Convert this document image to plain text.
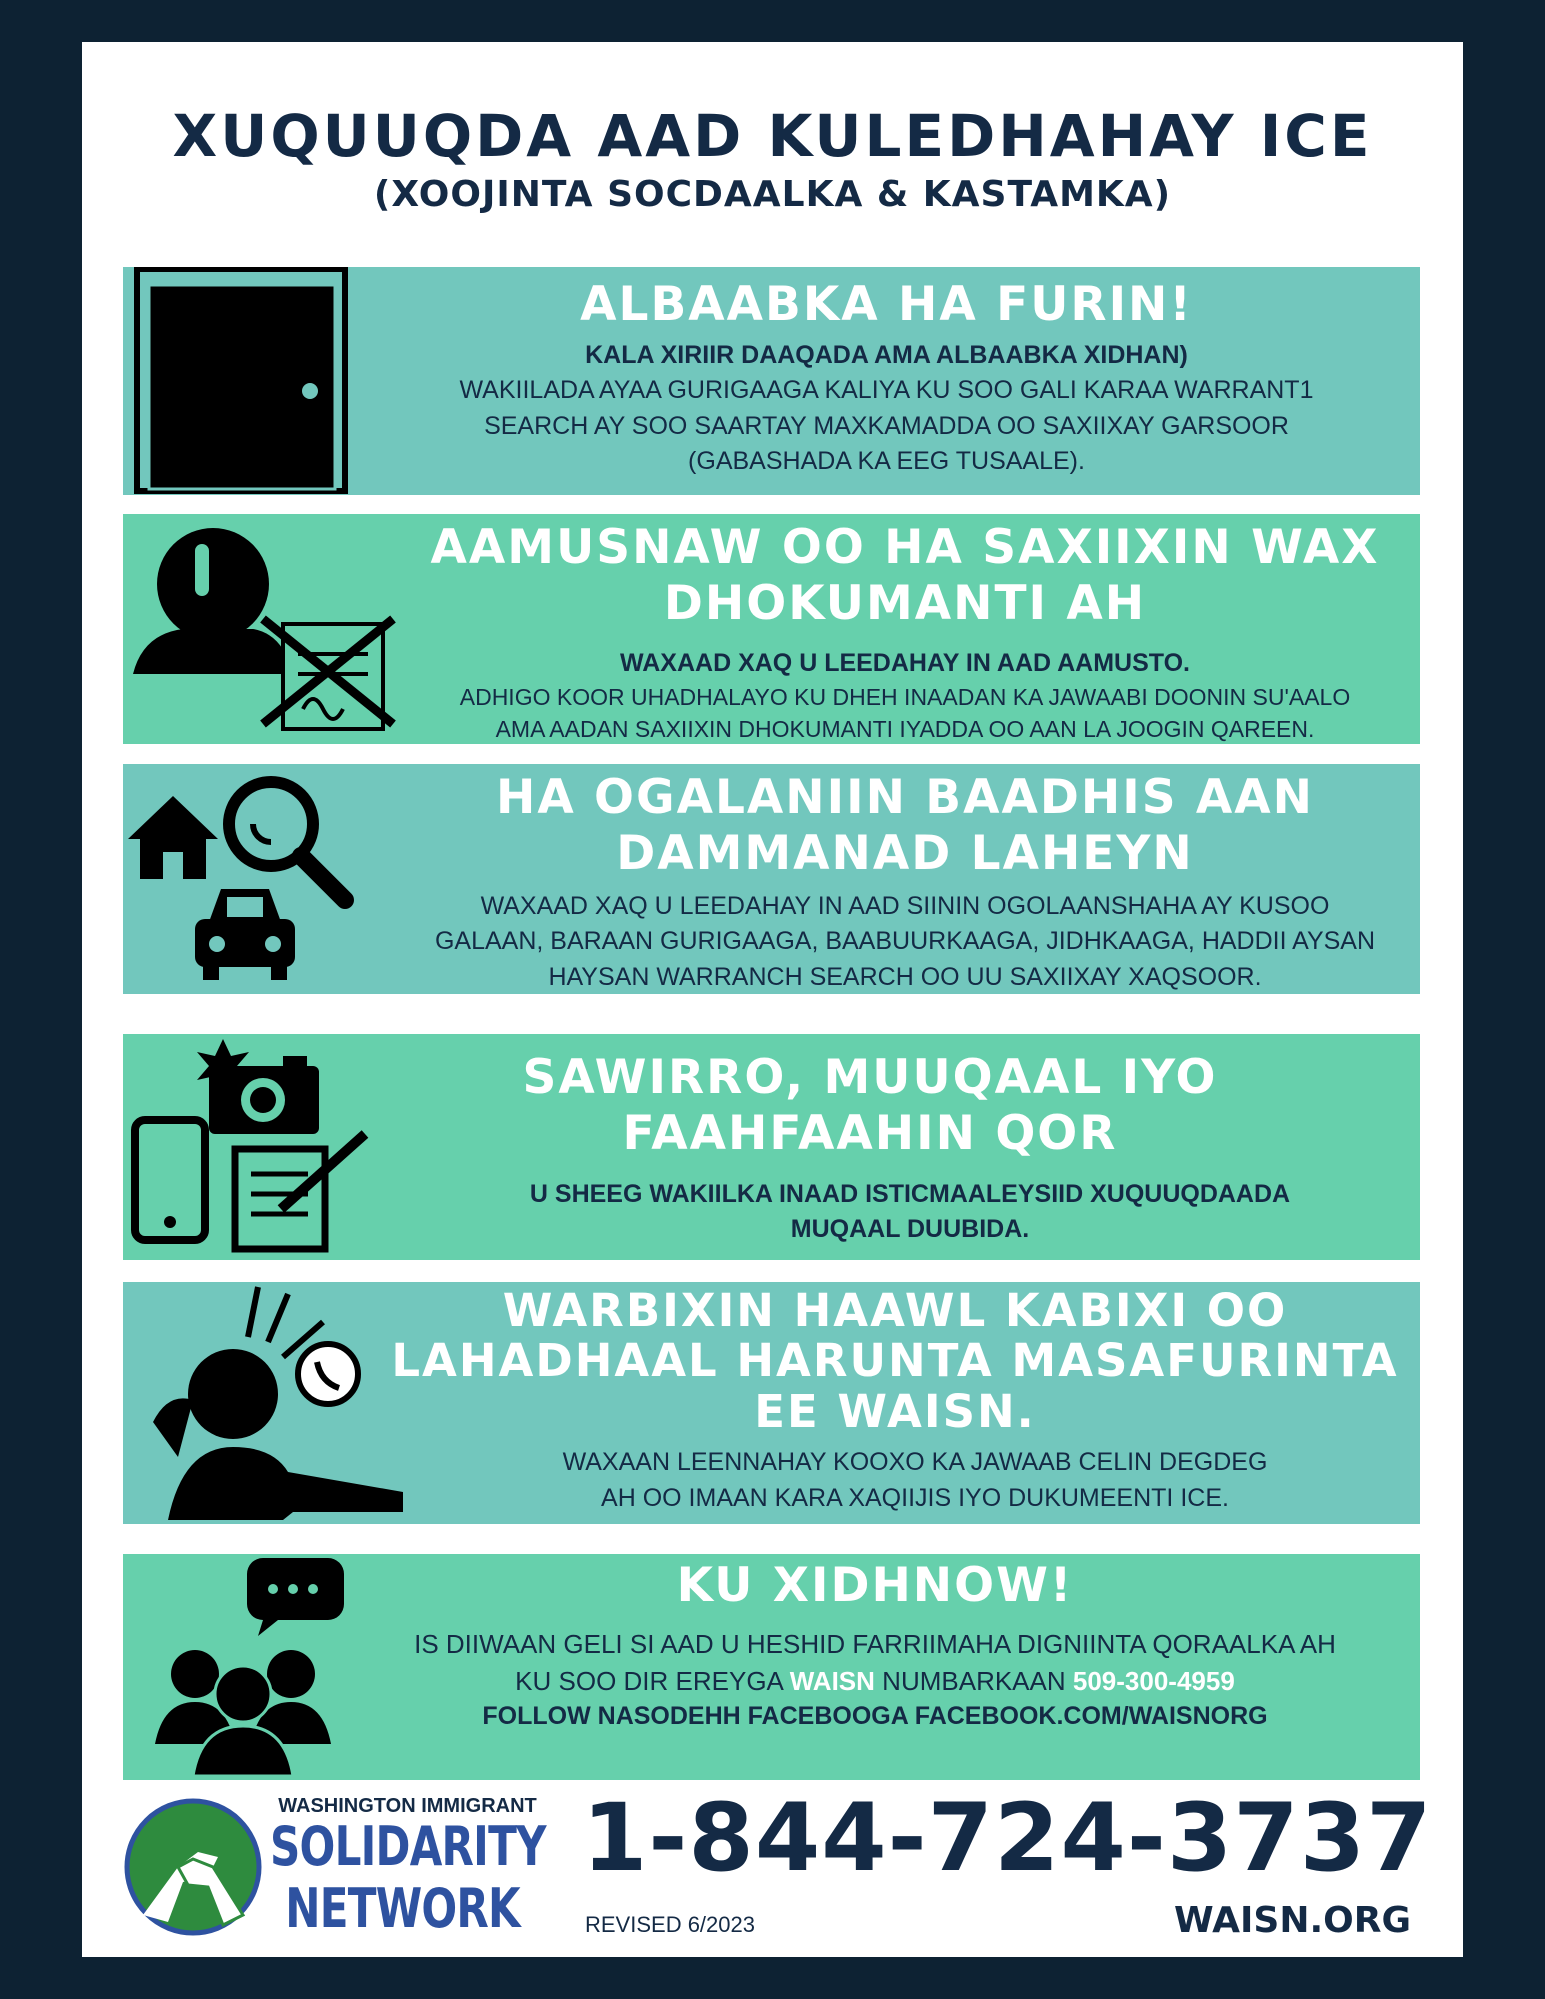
XUQUUQDA AAD KULEDHAHAY ICE
(XOOJINTA SOCDAALKA & KASTAMKA)

ALBAABKA HA FURIN!

KALA XIRIIR DAAQADA AMA ALBAABKA XIDHAN)

WAKIILADA AYAA GURIGAAGA KALIYA KU SOO GALI KARAA WARRANT1

SEARCH AY SOO SAARTAY MAXKAMADDA OO SAXIIXAY GARSOOR

(GABASHADA KA EEG TUSAALE).

AAMUSNAW OO HA SAXIIXIN WAX DHOKUMANTI AH

WAXAAD XAQ U LEEDAHAY IN AAD AAMUSTO.

ADHIGO KOOR UHADHALAYO KU DHEH INAADAN KA JAWAABI DOONIN SU'AALO

AMA AADAN SAXIIXIN DHOKUMANTI IYADDA OO AAN LA JOOGIN QAREEN.

HA OGALANIIN BAADHIS AAN DAMMANAD LAHEYN

WAXAAD XAQ U LEEDAHAY IN AAD SIININ OGOLAANSHAHA AY KUSOO

GALAAN, BARAAN GURIGAAGA, BAABUURKAAGA, JIDHKAAGA, HADDII AYSAN

HAYSAN WARRANCH SEARCH OO UU SAXIIXAY XAQSOOR.

SAWIRRO, MUUQAAL IYO FAAHFAAHIN QOR

U SHEEG WAKIILKA INAAD ISTICMAALEYSIID XUQUUQDAADA MUQAAL DUUBIDA.

WARBIXIN HAAWL KABIXI OO LAHADHAAL HARUNTA MASAFURINTA EE WAISN.

WAXAAN LEENNAHAY KOOXO KA JAWAAB CELIN DEGDEG

AH OO IMAAN KARA XAQIIJIS IYO DUKUMEENTI ICE.

KU XIDHNOW!

IS DIIWAAN GELI SI AAD U HESHID FARRIIMAHA DIGNIINTA QORAALKA AH

KU SOO DIR EREYGA WAISN NUMBARKAAN 509-300-4959

FOLLOW NASODEHH FACEBOOGA FACEBOOK.COM/WAISNORG

WASHINGTON IMMIGRANT
SOLIDARITY
NETWORK
1-844-724-3737
REVISED 6/2023	WAISN.ORG
